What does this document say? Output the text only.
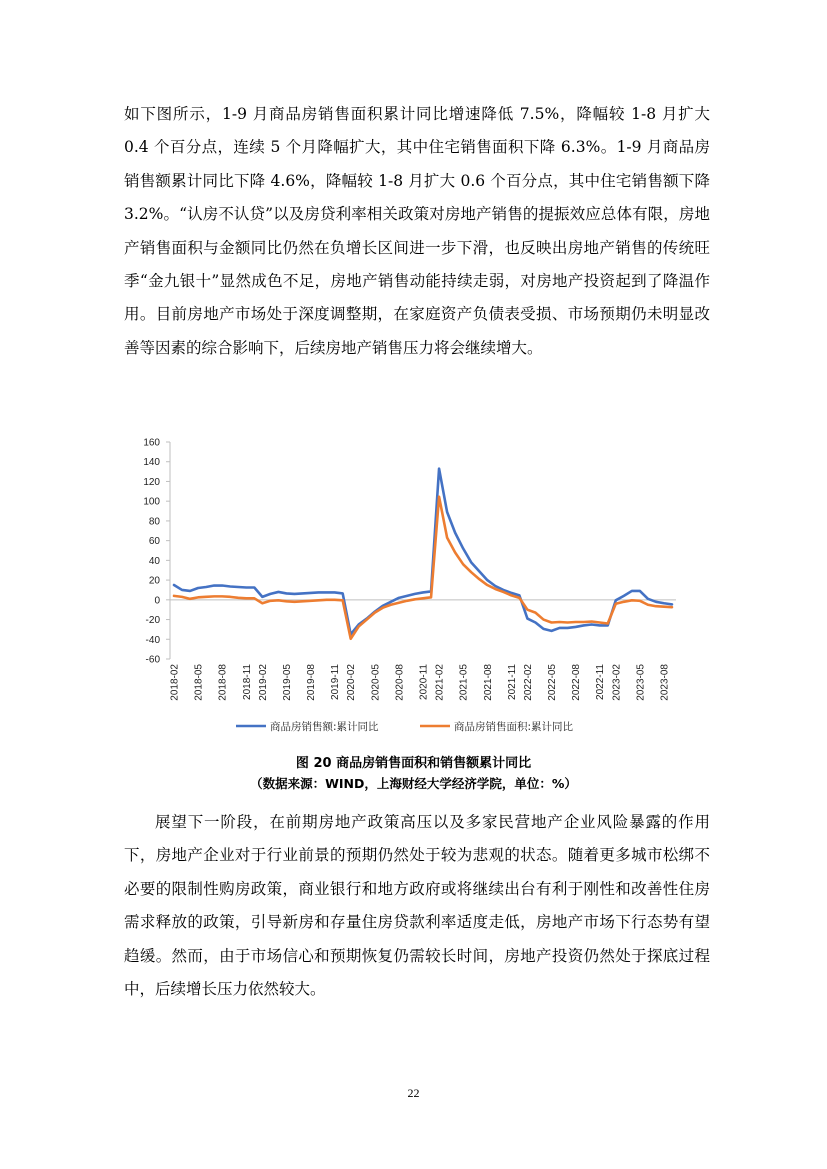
如下图所示，1-9 月商品房销售面积累计同比增速降低 7.5%，降幅较 1-8 月扩大 0.4 个百分点，连续 5 个月降幅扩大，其中住宅销售面积下降 6.3%。1-9 月商品房销售额累计同比下降 4.6%，降幅较 1-8 月扩大 0.6 个百分点，其中住宅销售额下降 3.2%。“认房不认贷”以及房贷利率相关政策对房地产销售的提振效应总体有限，房地产销售面积与金额同比仍然在负增长区间进一步下滑，也反映出房地产销售的传统旺季“金九银十”显然成色不足，房地产销售动能持续走弱，对房地产投资起到了降温作用。目前房地产市场处于深度调整期，在家庭资产负债表受损、市场预期仍未明显改善等因素的综合影响下，后续房地产销售压力将会继续增大。

-60
-40
-20
0
20
40
60
80
100
120
140
160
2018-02 2018-05 2018-08 2018-11 2019-02 2019-05 2019-08 2019-11 2020-02 2020-05 2020-08 2020-11 2021-02 2021-05 2021-08 2021-11 2022-02 2022-05 2022-08 2022-11 2023-02 2023-05 2023-08
商品房销售额:累计同比	商品房销售面积:累计同比
图 20 商品房销售面积和销售额累计同比
（数据来源：WIND，上海财经大学经济学院，单位：%）

展望下一阶段，在前期房地产政策高压以及多家民营地产企业风险暴露的作用下，房地产企业对于行业前景的预期仍然处于较为悲观的状态。随着更多城市松绑不必要的限制性购房政策，商业银行和地方政府或将继续出台有利于刚性和改善性住房需求释放的政策，引导新房和存量住房贷款利率适度走低，房地产市场下行态势有望趋缓。然而，由于市场信心和预期恢复仍需较长时间，房地产投资仍然处于探底过程中，后续增长压力依然较大。

22
